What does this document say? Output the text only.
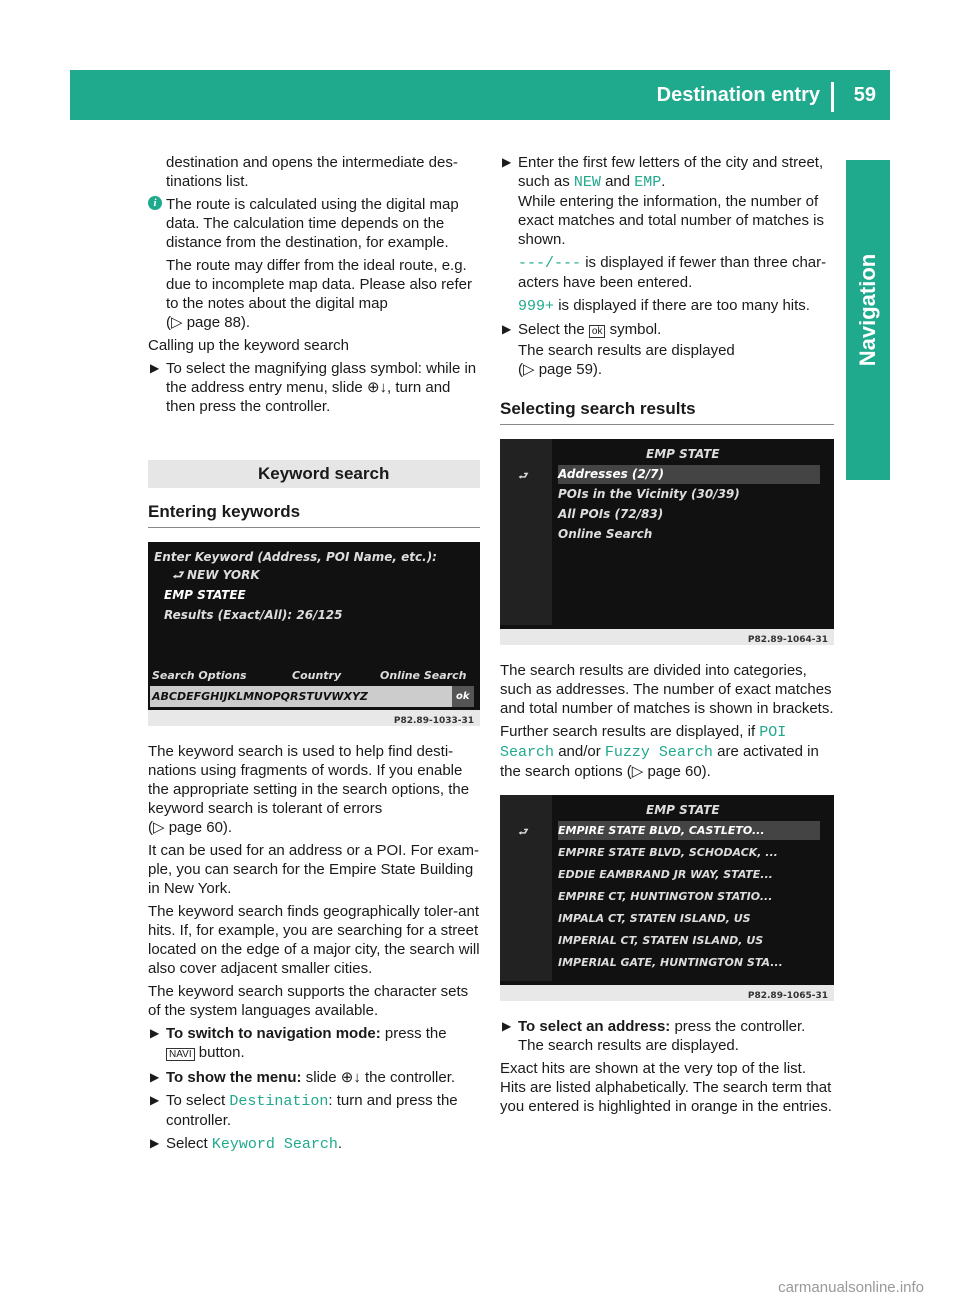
Destination entry 59
Navigation

destination and opens the intermediate des-tinations list.

i The route is calculated using the digital map data. The calculation time depends on the distance from the destination, for example.

The route may differ from the ideal route, e.g. due to incomplete map data. Please also refer to the notes about the digital map
(▷ page 88).

Calling up the keyword search

▶ To select the magnifying glass symbol: while in the address entry menu, slide ⊕↓, turn and then press the controller.
Keyword search
Entering keywords
Enter Keyword (Address, POI Name, etc.):
⮐ NEW YORK
EMP STATEE
Results (Exact/All): 26/125
Search Options	Country	Online Search
ABCDEFGHIJKLMNOPQRSTUVWXYZ	ok
P82.89-1033-31

The keyword search is used to help find desti-nations using fragments of words. If you enable the appropriate setting in the search options, the keyword search is tolerant of errors
(▷ page 60).

It can be used for an address or a POI. For exam-ple, you can search for the Empire State Building in New York.

The keyword search finds geographically toler-ant hits. If, for example, you are searching for a street located on the edge of a major city, the search will also cover adjacent smaller cities.

The keyword search supports the character sets of the system languages available.

▶ To switch to navigation mode: press the
NAVI button.
▶ To show the menu: slide ⊕↓ the controller.
▶ To select Destination: turn and press the controller.
▶ Select Keyword Search.
▶ Enter the first few letters of the city and street, such as NEW and EMP.
While entering the information, the number of exact matches and total number of matches is shown.

---/--- is displayed if fewer than three char-acters have been entered.

999+ is displayed if there are too many hits.

▶ Select the ok symbol.
The search results are displayed
(▷ page 59).
Selecting search results
⮐
EMP STATE
Addresses (2/7)
POIs in the Vicinity (30/39)
All POIs (72/83)
Online Search
P82.89-1064-31

The search results are divided into categories, such as addresses. The number of exact matches and total number of matches is shown in brackets.

Further search results are displayed, if POI Search and/or Fuzzy Search are activated in the search options (▷ page 60).

⮐
EMP STATE
EMPIRE STATE BLVD, CASTLETO...
EMPIRE STATE BLVD, SCHODACK, ...
EDDIE EAMBRAND JR WAY, STATE...
EMPIRE CT, HUNTINGTON STATIO...
IMPALA CT, STATEN ISLAND, US
IMPERIAL CT, STATEN ISLAND, US
IMPERIAL GATE, HUNTINGTON STA...
P82.89-1065-31
▶ To select an address: press the controller.
The search results are displayed.

Exact hits are shown at the very top of the list. Hits are listed alphabetically. The search term that you entered is highlighted in orange in the entries.

carmanualsonline.info
